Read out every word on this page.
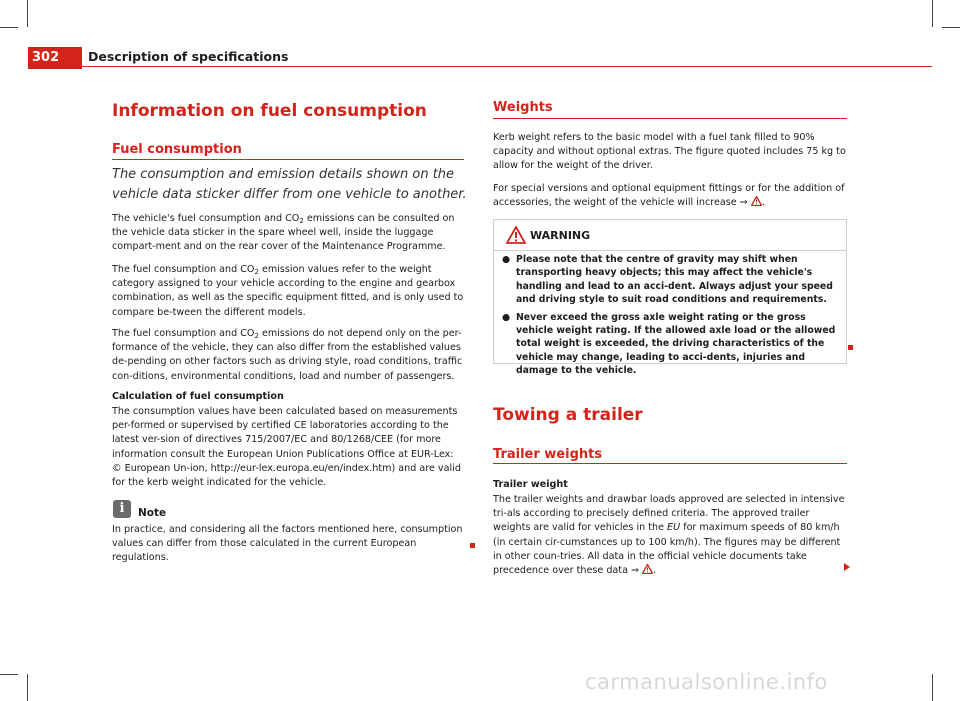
302	Description of specifications
Information on fuel consumption
Fuel consumption
The consumption and emission details shown on the vehicle data sticker differ from one vehicle to another.
The vehicle's fuel consumption and $CO_2$ emissions can be consulted on the vehicle data sticker in the spare wheel well, inside the luggage compart-ment and on the rear cover of the Maintenance Programme.
The fuel consumption and $CO_2$ emission values refer to the weight category assigned to your vehicle according to the engine and gearbox combination, as well as the specific equipment fitted, and is only used to compare be-tween the different models.
The fuel consumption and $CO_2$ emissions do not depend only on the per-formance of the vehicle, they can also differ from the established values de-pending on other factors such as driving style, road conditions, traffic con-ditions, environmental conditions, load and number of passengers.
Calculation of fuel consumption
The consumption values have been calculated based on measurements per-formed or supervised by certified CE laboratories according to the latest ver-sion of directives 715/2007/EC and 80/1268/CEE (for more information consult the European Union Publications Office at EUR-Lex: © European Un-ion, http://eur-lex.europa.eu/en/index.htm) and are valid for the kerb weight indicated for the vehicle.
i	Note
In practice, and considering all the factors mentioned here, consumption values can differ from those calculated in the current European regulations.
Weights
Kerb weight refers to the basic model with a fuel tank filled to 90% capacity and without optional extras. The figure quoted includes 75 kg to allow for the weight of the driver.
For special versions and optional equipment fittings or for the addition of accessories, the weight of the vehicle will increase ⇒ .
WARNING
● Please note that the centre of gravity may shift when transporting heavy objects; this may affect the vehicle's handling and lead to an acci-dent. Always adjust your speed and driving style to suit road conditions and requirements.
● Never exceed the gross axle weight rating or the gross vehicle weight rating. If the allowed axle load or the allowed total weight is exceeded, the driving characteristics of the vehicle may change, leading to acci-dents, injuries and damage to the vehicle.
Towing a trailer
Trailer weights
Trailer weight
The trailer weights and drawbar loads approved are selected in intensive tri-als according to precisely defined criteria. The approved trailer weights are valid for vehicles in the EU for maximum speeds of 80 km/h (in certain cir-cumstances up to 100 km/h). The figures may be different in other coun-tries. All data in the official vehicle documents take precedence over these data ⇒ .
carmanualsonline.info
